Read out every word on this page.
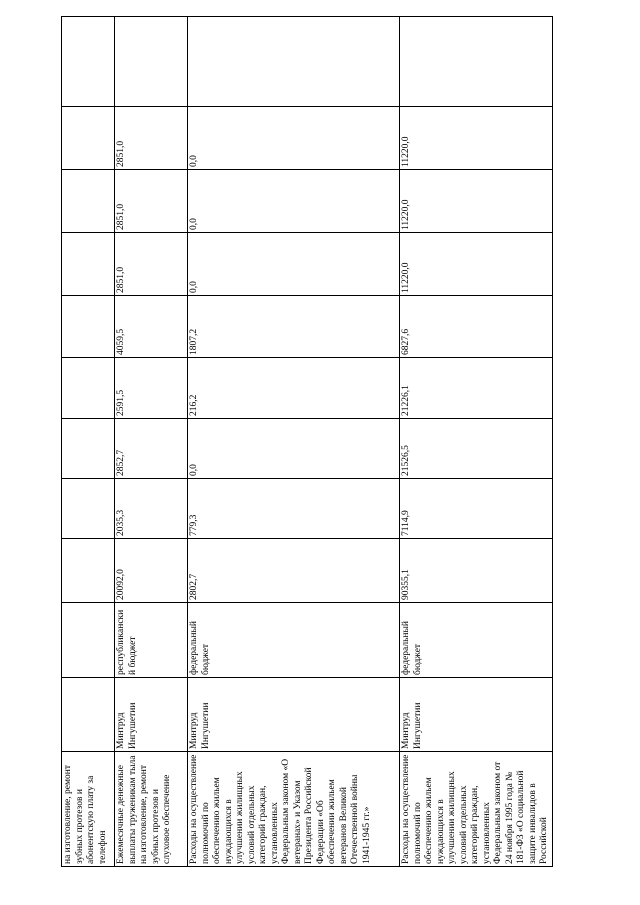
на изготовление, ремонт зубных протезов и абонентскую плату за телефон											
Ежемесячные денежные выплаты труженикам тыла на изготовление, ремонт зубных протезов и слуховое обеспечение	Минтруд Ингушетии	республиканский бюджет	20092,0	2035,3	2852,7	2591,5	4059,5	2851,0	2851,0	2851,0	
Расходы на осуществление полномочий по обеспечению жильем нуждающихся в улучшении жилищных условий отдельных категорий граждан, установленных Федеральным законом «О ветеранах» и Указом Президента Российской Федерации «Об обеспечении жильем ветеранов Великой Отечественной войны 1941-1945 гг.»	Минтруд Ингушетии	федеральный бюджет	2802,7	779,3	0,0	216,2	1807,2	0,0	0,0	0,0	
Расходы на осуществление полномочий по обеспечению жильем нуждающихся в улучшении жилищных условий отдельных категорий граждан, установленных Федеральным законом от 24 ноября 1995 года № 181-ФЗ «О социальной защите инвалидов в Российской	Минтруд Ингушетии	федеральный бюджет	90355,1	7114,9	21526,5	21226,1	6827,6	11220,0	11220,0	11220,0	
